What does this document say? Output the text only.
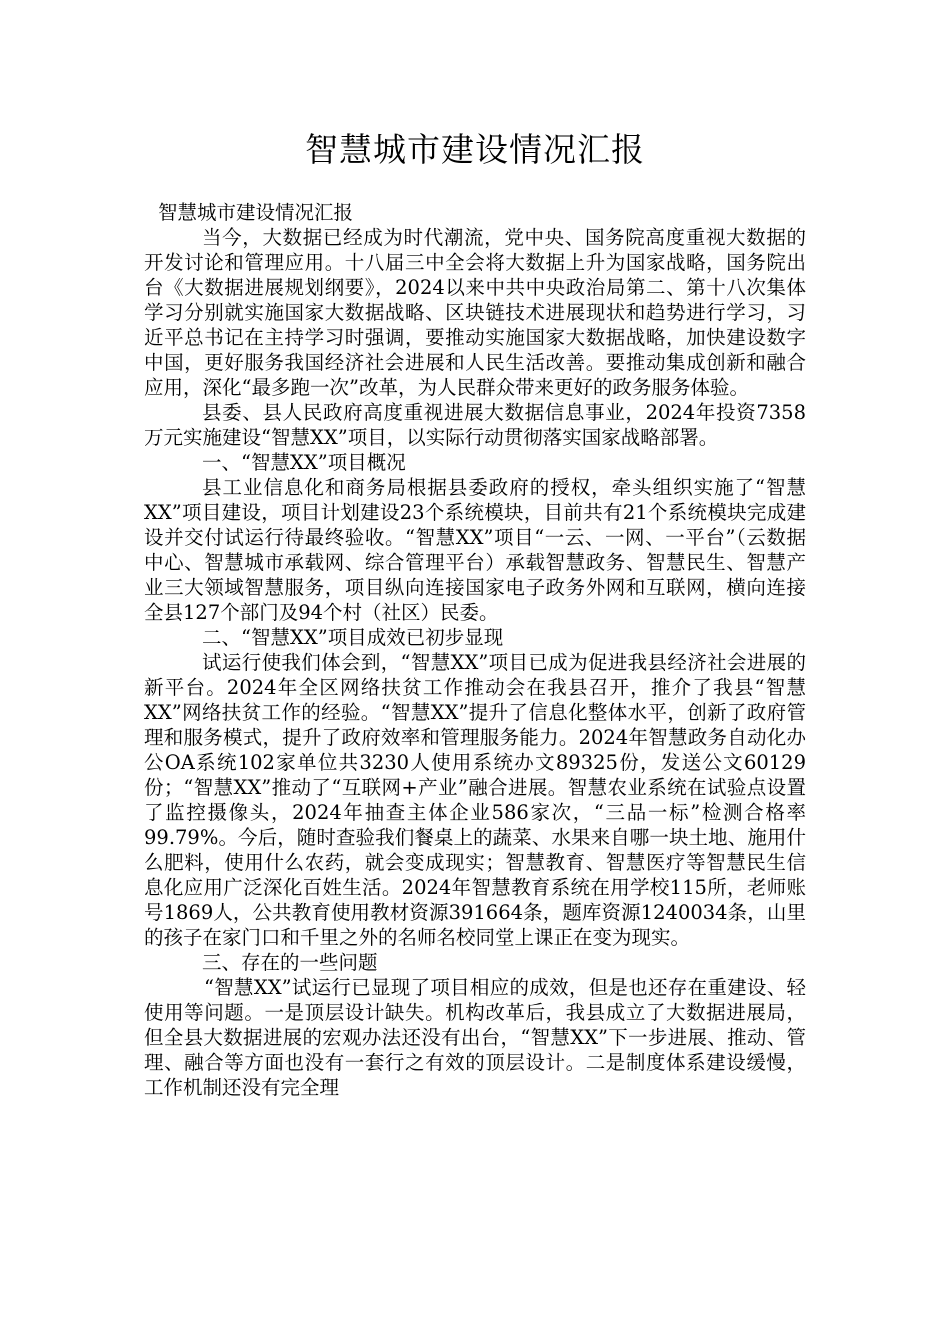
智慧城市建设情况汇报

智慧城市建设情况汇报

当今，大数据已经成为时代潮流，党中央、国务院高度重视大数据的开发讨论和管理应用。十八届三中全会将大数据上升为国家战略，国务院出台《大数据进展规划纲要》，2024以来中共中央政治局第二、第十八次集体学习分别就实施国家大数据战略、区块链技术进展现状和趋势进行学习，习近平总书记在主持学习时强调，要推动实施国家大数据战略，加快建设数字中国，更好服务我国经济社会进展和人民生活改善。要推动集成创新和融合应用，深化“最多跑一次”改革，为人民群众带来更好的政务服务体验。

县委、县人民政府高度重视进展大数据信息事业，2024年投资7358万元实施建设“智慧XX”项目，以实际行动贯彻落实国家战略部署。

一、“智慧XX”项目概况

县工业信息化和商务局根据县委政府的授权，牵头组织实施了“智慧XX”项目建设，项目计划建设23个系统模块，目前共有21个系统模块完成建设并交付试运行待最终验收。“智慧XX”项目“一云、一网、一平台”（云数据中心、智慧城市承载网、综合管理平台）承载智慧政务、智慧民生、智慧产业三大领域智慧服务，项目纵向连接国家电子政务外网和互联网，横向连接全县127个部门及94个村（社区）民委。

二、“智慧XX”项目成效已初步显现

试运行使我们体会到，“智慧XX”项目已成为促进我县经济社会进展的新平台。2024年全区网络扶贫工作推动会在我县召开，推介了我县“智慧XX”网络扶贫工作的经验。“智慧XX”提升了信息化整体水平，创新了政府管理和服务模式，提升了政府效率和管理服务能力。2024年智慧政务自动化办公OA系统102家单位共3230人使用系统办文89325份，发送公文60129份；“智慧XX”推动了“互联网+产业”融合进展。智慧农业系统在试验点设置了监控摄像头，2024年抽查主体企业586家次，“三品一标”检测合格率99.79%。今后，随时查验我们餐桌上的蔬菜、水果来自哪一块土地、施用什么肥料，使用什么农药，就会变成现实；智慧教育、智慧医疗等智慧民生信息化应用广泛深化百姓生活。2024年智慧教育系统在用学校115所，老师账号1869人，公共教育使用教材资源391664条，题库资源1240034条，山里的孩子在家门口和千里之外的名师名校同堂上课正在变为现实。

三、存在的一些问题

“智慧XX”试运行已显现了项目相应的成效，但是也还存在重建设、轻使用等问题。一是顶层设计缺失。机构改革后，我县成立了大数据进展局，但全县大数据进展的宏观办法还没有出台，“智慧XX”下一步进展、推动、管理、融合等方面也没有一套行之有效的顶层设计。二是制度体系建设缓慢，工作机制还没有完全理
